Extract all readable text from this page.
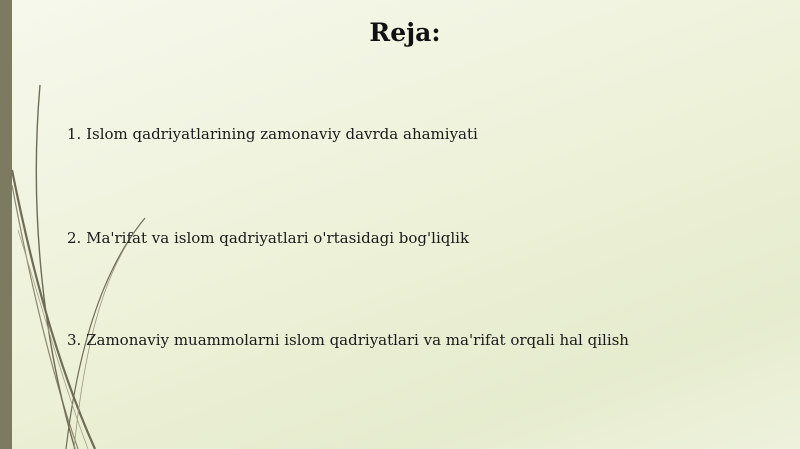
Reja:
1. Islom qadriyatlarining zamonaviy davrda ahamiyati
2. Ma'rifat va islom qadriyatlari o'rtasidagi bog'liqlik
3. Zamonaviy muammolarni islom qadriyatlari va ma'rifat orqali hal qilish
